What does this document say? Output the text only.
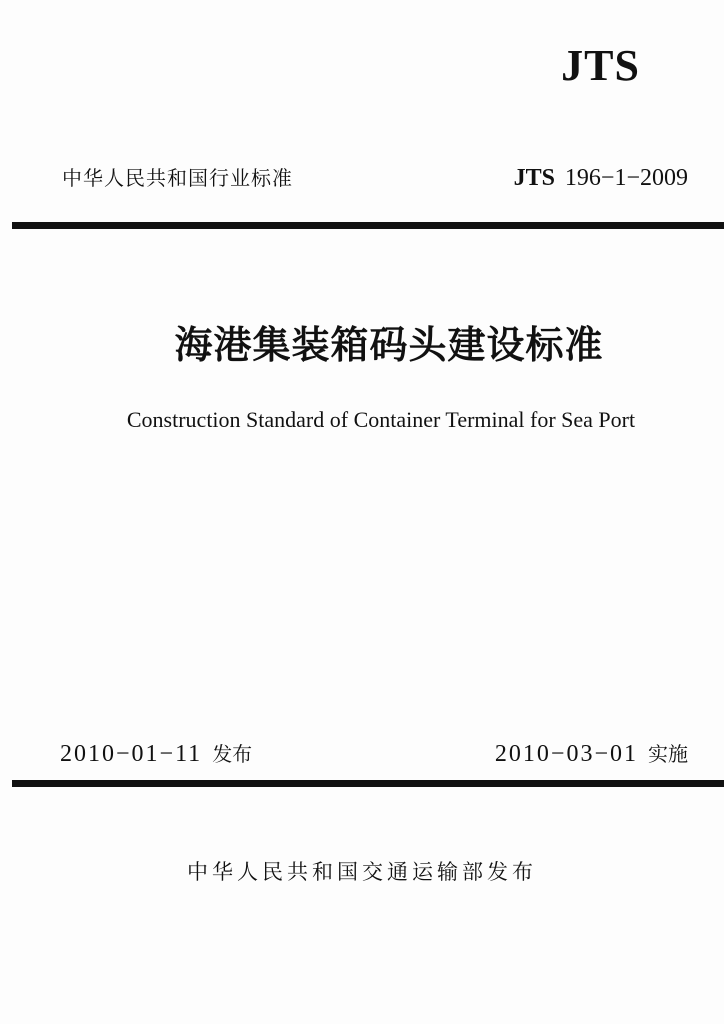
JTS
中华人民共和国行业标准	JTS 196−1−2009
海港集装箱码头建设标准
Construction Standard of Container Terminal for Sea Port
2010−01−11 发布	2010−03−01 实施
中华人民共和国交通运输部发布
